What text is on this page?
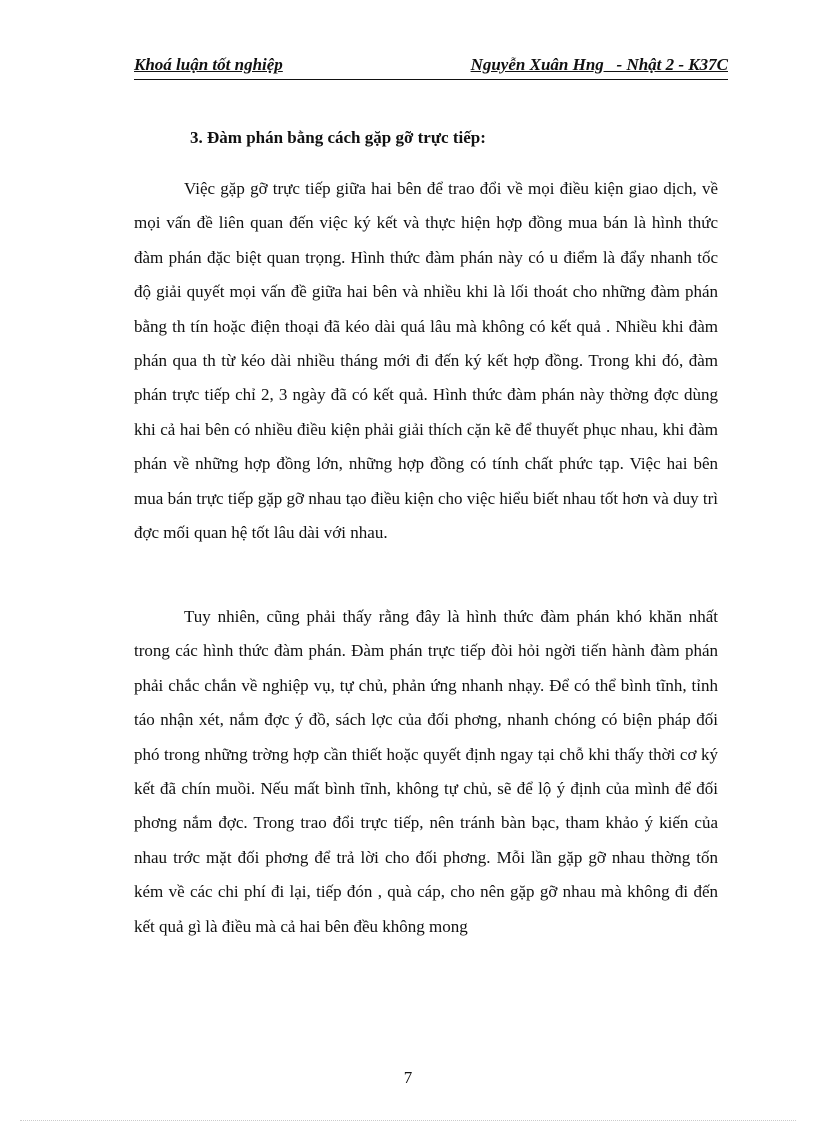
Khoá luận tốt nghiệp	Nguyễn Xuân Hng   - Nhật 2 - K37C
3. Đàm phán bằng cách gặp gỡ trực tiếp:

Việc gặp gỡ trực tiếp giữa hai bên để trao đổi về mọi điều kiện giao dịch, về mọi vấn đề liên quan đến việc ký kết và thực hiện hợp đồng mua bán là hình thức đàm phán đặc biệt quan trọng. Hình thức đàm phán này có u điểm là đẩy nhanh tốc độ giải quyết mọi vấn đề giữa hai bên và nhiều khi là lối thoát cho những đàm phán bằng th tín hoặc điện thoại đã kéo dài quá lâu mà không có kết quả . Nhiều khi đàm phán qua th từ kéo dài nhiều tháng mới đi đến ký kết hợp đồng. Trong khi đó, đàm phán trực tiếp chỉ 2, 3 ngày đã có kết quả. Hình thức đàm phán này thờng đợc dùng khi cả hai bên có nhiều điều kiện phải giải thích cặn kẽ để thuyết phục nhau, khi đàm phán về những hợp đồng lớn, những hợp đồng có tính chất phức tạp. Việc hai bên mua bán trực tiếp gặp gỡ nhau tạo điều kiện cho việc hiểu biết nhau tốt hơn và duy trì đợc mối quan hệ tốt lâu dài với nhau.

Tuy nhiên, cũng phải thấy rằng đây là hình thức đàm phán khó khăn nhất trong các hình thức đàm phán. Đàm phán trực tiếp đòi hỏi ngời tiến hành đàm phán phải chắc chắn về nghiệp vụ, tự chủ, phản ứng nhanh nhạy. Để có thể bình tĩnh, tỉnh táo nhận xét, nắm đợc ý đồ, sách lợc của đối phơng, nhanh chóng có biện pháp đối phó trong những trờng hợp cần thiết hoặc quyết định ngay tại chỗ khi thấy thời cơ ký kết đã chín muồi. Nếu mất bình tĩnh, không tự chủ, sẽ để lộ ý định của mình để đối phơng nắm đợc. Trong trao đổi trực tiếp, nên tránh bàn bạc, tham khảo ý kiến của nhau trớc mặt đối phơng để trả lời cho đối phơng. Mỗi lần gặp gỡ nhau thờng tốn kém về các chi phí đi lại, tiếp đón , quà cáp, cho nên gặp gỡ nhau mà không đi đến kết quả gì là điều mà cả hai bên đều không mong

7
